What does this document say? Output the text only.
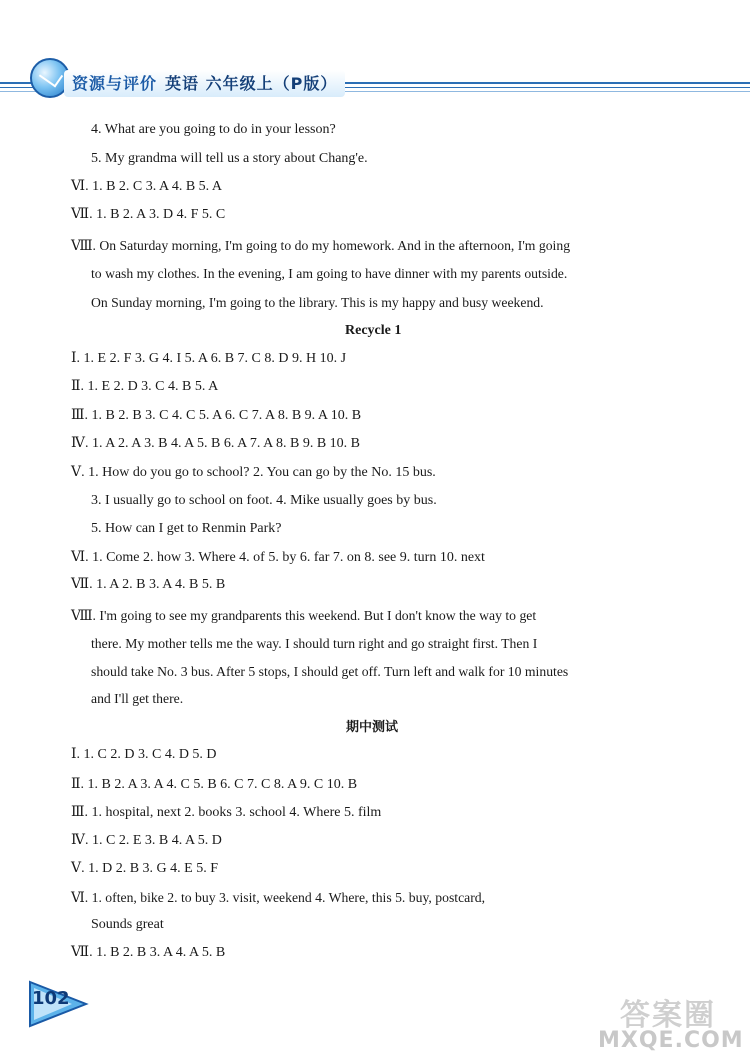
资源与评价 英语 六年级上（P版）
4. What are you going to do in your lesson?
5. My grandma will tell us a story about Chang'e.
Ⅵ. 1. B 2. C 3. A 4. B 5. A
Ⅶ. 1. B 2. A 3. D 4. F 5. C
Ⅷ. On Saturday morning, I'm going to do my homework. And in the afternoon, I'm going
to wash my clothes. In the evening, I am going to have dinner with my parents outside.
On Sunday morning, I'm going to the library. This is my happy and busy weekend.
Recycle 1
Ⅰ. 1. E 2. F 3. G 4. I 5. A 6. B 7. C 8. D 9. H 10. J
Ⅱ. 1. E 2. D 3. C 4. B 5. A
Ⅲ. 1. B 2. B 3. C 4. C 5. A 6. C 7. A 8. B 9. A 10. B
Ⅳ. 1. A 2. A 3. B 4. A 5. B 6. A 7. A 8. B 9. B 10. B
Ⅴ. 1. How do you go to school? 2. You can go by the No. 15 bus.
3. I usually go to school on foot. 4. Mike usually goes by bus.
5. How can I get to Renmin Park?
Ⅵ. 1. Come 2. how 3. Where 4. of 5. by 6. far 7. on 8. see 9. turn 10. next
Ⅶ. 1. A 2. B 3. A 4. B 5. B
Ⅷ. I'm going to see my grandparents this weekend. But I don't know the way to get
there. My mother tells me the way. I should turn right and go straight first. Then I
should take No. 3 bus. After 5 stops, I should get off. Turn left and walk for 10 minutes
and I'll get there.
期中测试
Ⅰ. 1. C 2. D 3. C 4. D 5. D
Ⅱ. 1. B 2. A 3. A 4. C 5. B 6. C 7. C 8. A 9. C 10. B
Ⅲ. 1. hospital, next 2. books 3. school 4. Where 5. film
Ⅳ. 1. C 2. E 3. B 4. A 5. D
Ⅴ. 1. D 2. B 3. G 4. E 5. F
Ⅵ. 1. often, bike 2. to buy 3. visit, weekend 4. Where, this 5. buy, postcard,
Sounds great
Ⅶ. 1. B 2. B 3. A 4. A 5. B
102	答案圈
MXQE.COM
